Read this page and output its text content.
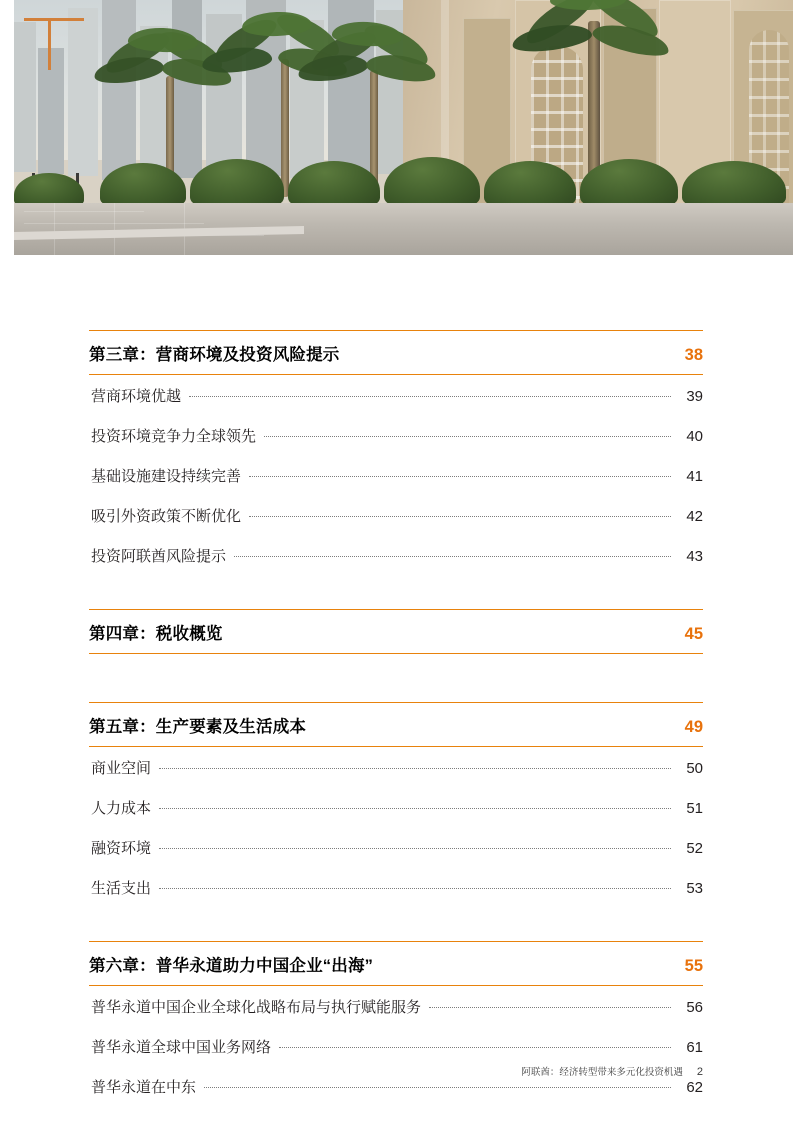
第三章：营商环境及投资风险提示	38
营商环境优越	39
投资环境竞争力全球领先	40
基础设施建设持续完善	41
吸引外资政策不断优化	42
投资阿联酋风险提示	43
第四章：税收概览	45
第五章：生产要素及生活成本	49
商业空间	50
人力成本	51
融资环境	52
生活支出	53
第六章：普华永道助力中国企业“出海”	55
普华永道中国企业全球化战略布局与执行赋能服务	56
普华永道全球中国业务网络	61
普华永道在中东	62
阿联酋：经济转型带来多元化投资机遇 2
